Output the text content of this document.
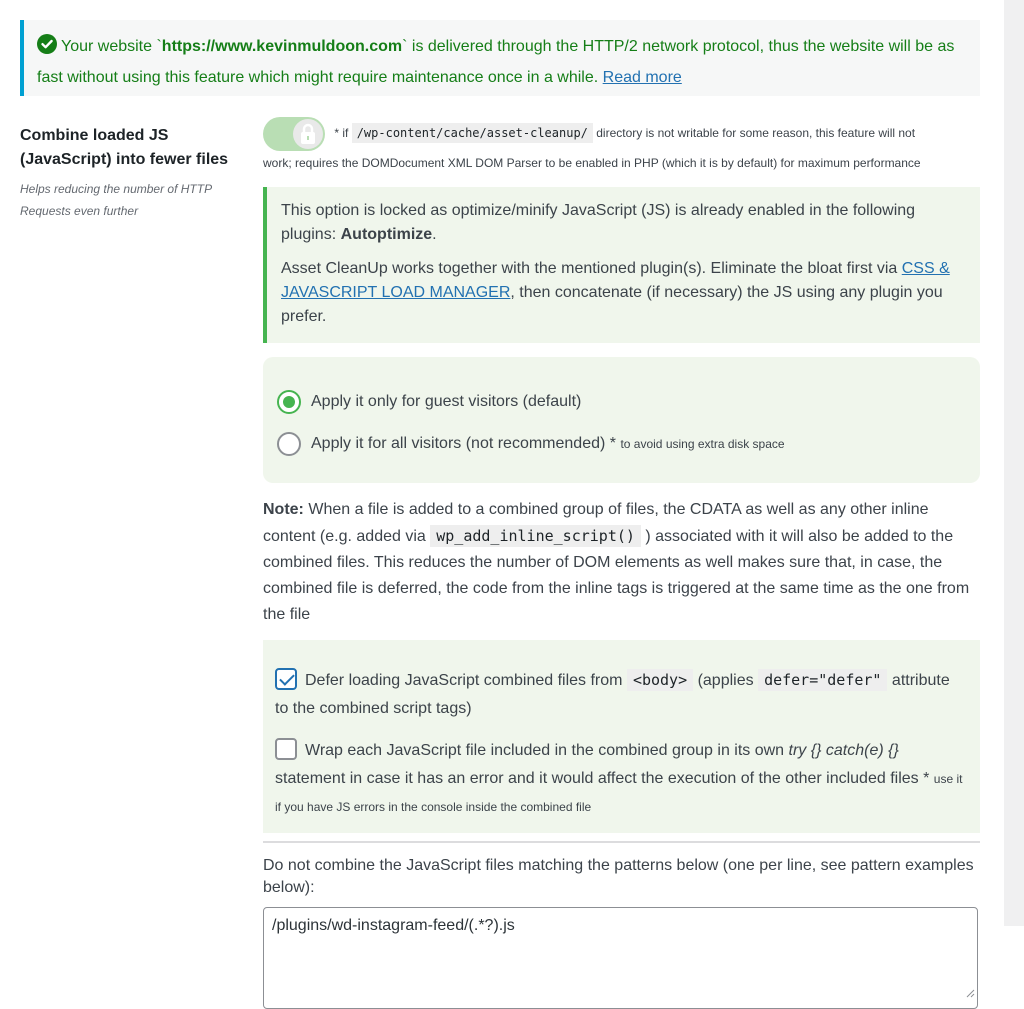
Your website `https://www.kevinmuldoon.com` is delivered through the HTTP/2 network protocol, thus the website will be as fast without using this feature which might require maintenance once in a while. Read more
Combine loaded JS (JavaScript) into fewer files

Helps reducing the number of HTTP Requests even further

* if /wp-content/cache/asset-cleanup/ directory is not writable for some reason, this feature will not
work; requires the DOMDocument XML DOM Parser to be enabled in PHP (which it is by default) for maximum performance

This option is locked as optimize/minify JavaScript (JS) is already enabled in the following plugins: Autoptimize.

Asset CleanUp works together with the mentioned plugin(s). Eliminate the bloat first via CSS & JAVASCRIPT LOAD MANAGER, then concatenate (if necessary) the JS using any plugin you prefer.

Apply it only for guest visitors (default)
Apply it for all visitors (not recommended) *
to avoid using extra disk space
Note: When a file is added to a combined group of files, the CDATA as well as any other inline content (e.g. added via wp_add_inline_script() ) associated with it will also be added to the combined files. This reduces the number of DOM elements as well makes sure that, in case, the combined file is deferred, the code from the inline tags is triggered at the same time as the one from the file
Defer loading JavaScript combined files from <body> (applies defer="defer" attribute to the combined script tags)
Wrap each JavaScript file included in the combined group in its own try {} catch(e) {} statement in case it has an error and it would affect the execution of the other included files * use it if you have JS errors in the console inside the combined file
Do not combine the JavaScript files matching the patterns below (one per line, see pattern examples below):
/plugins/wd-instagram-feed/(.*?).js
